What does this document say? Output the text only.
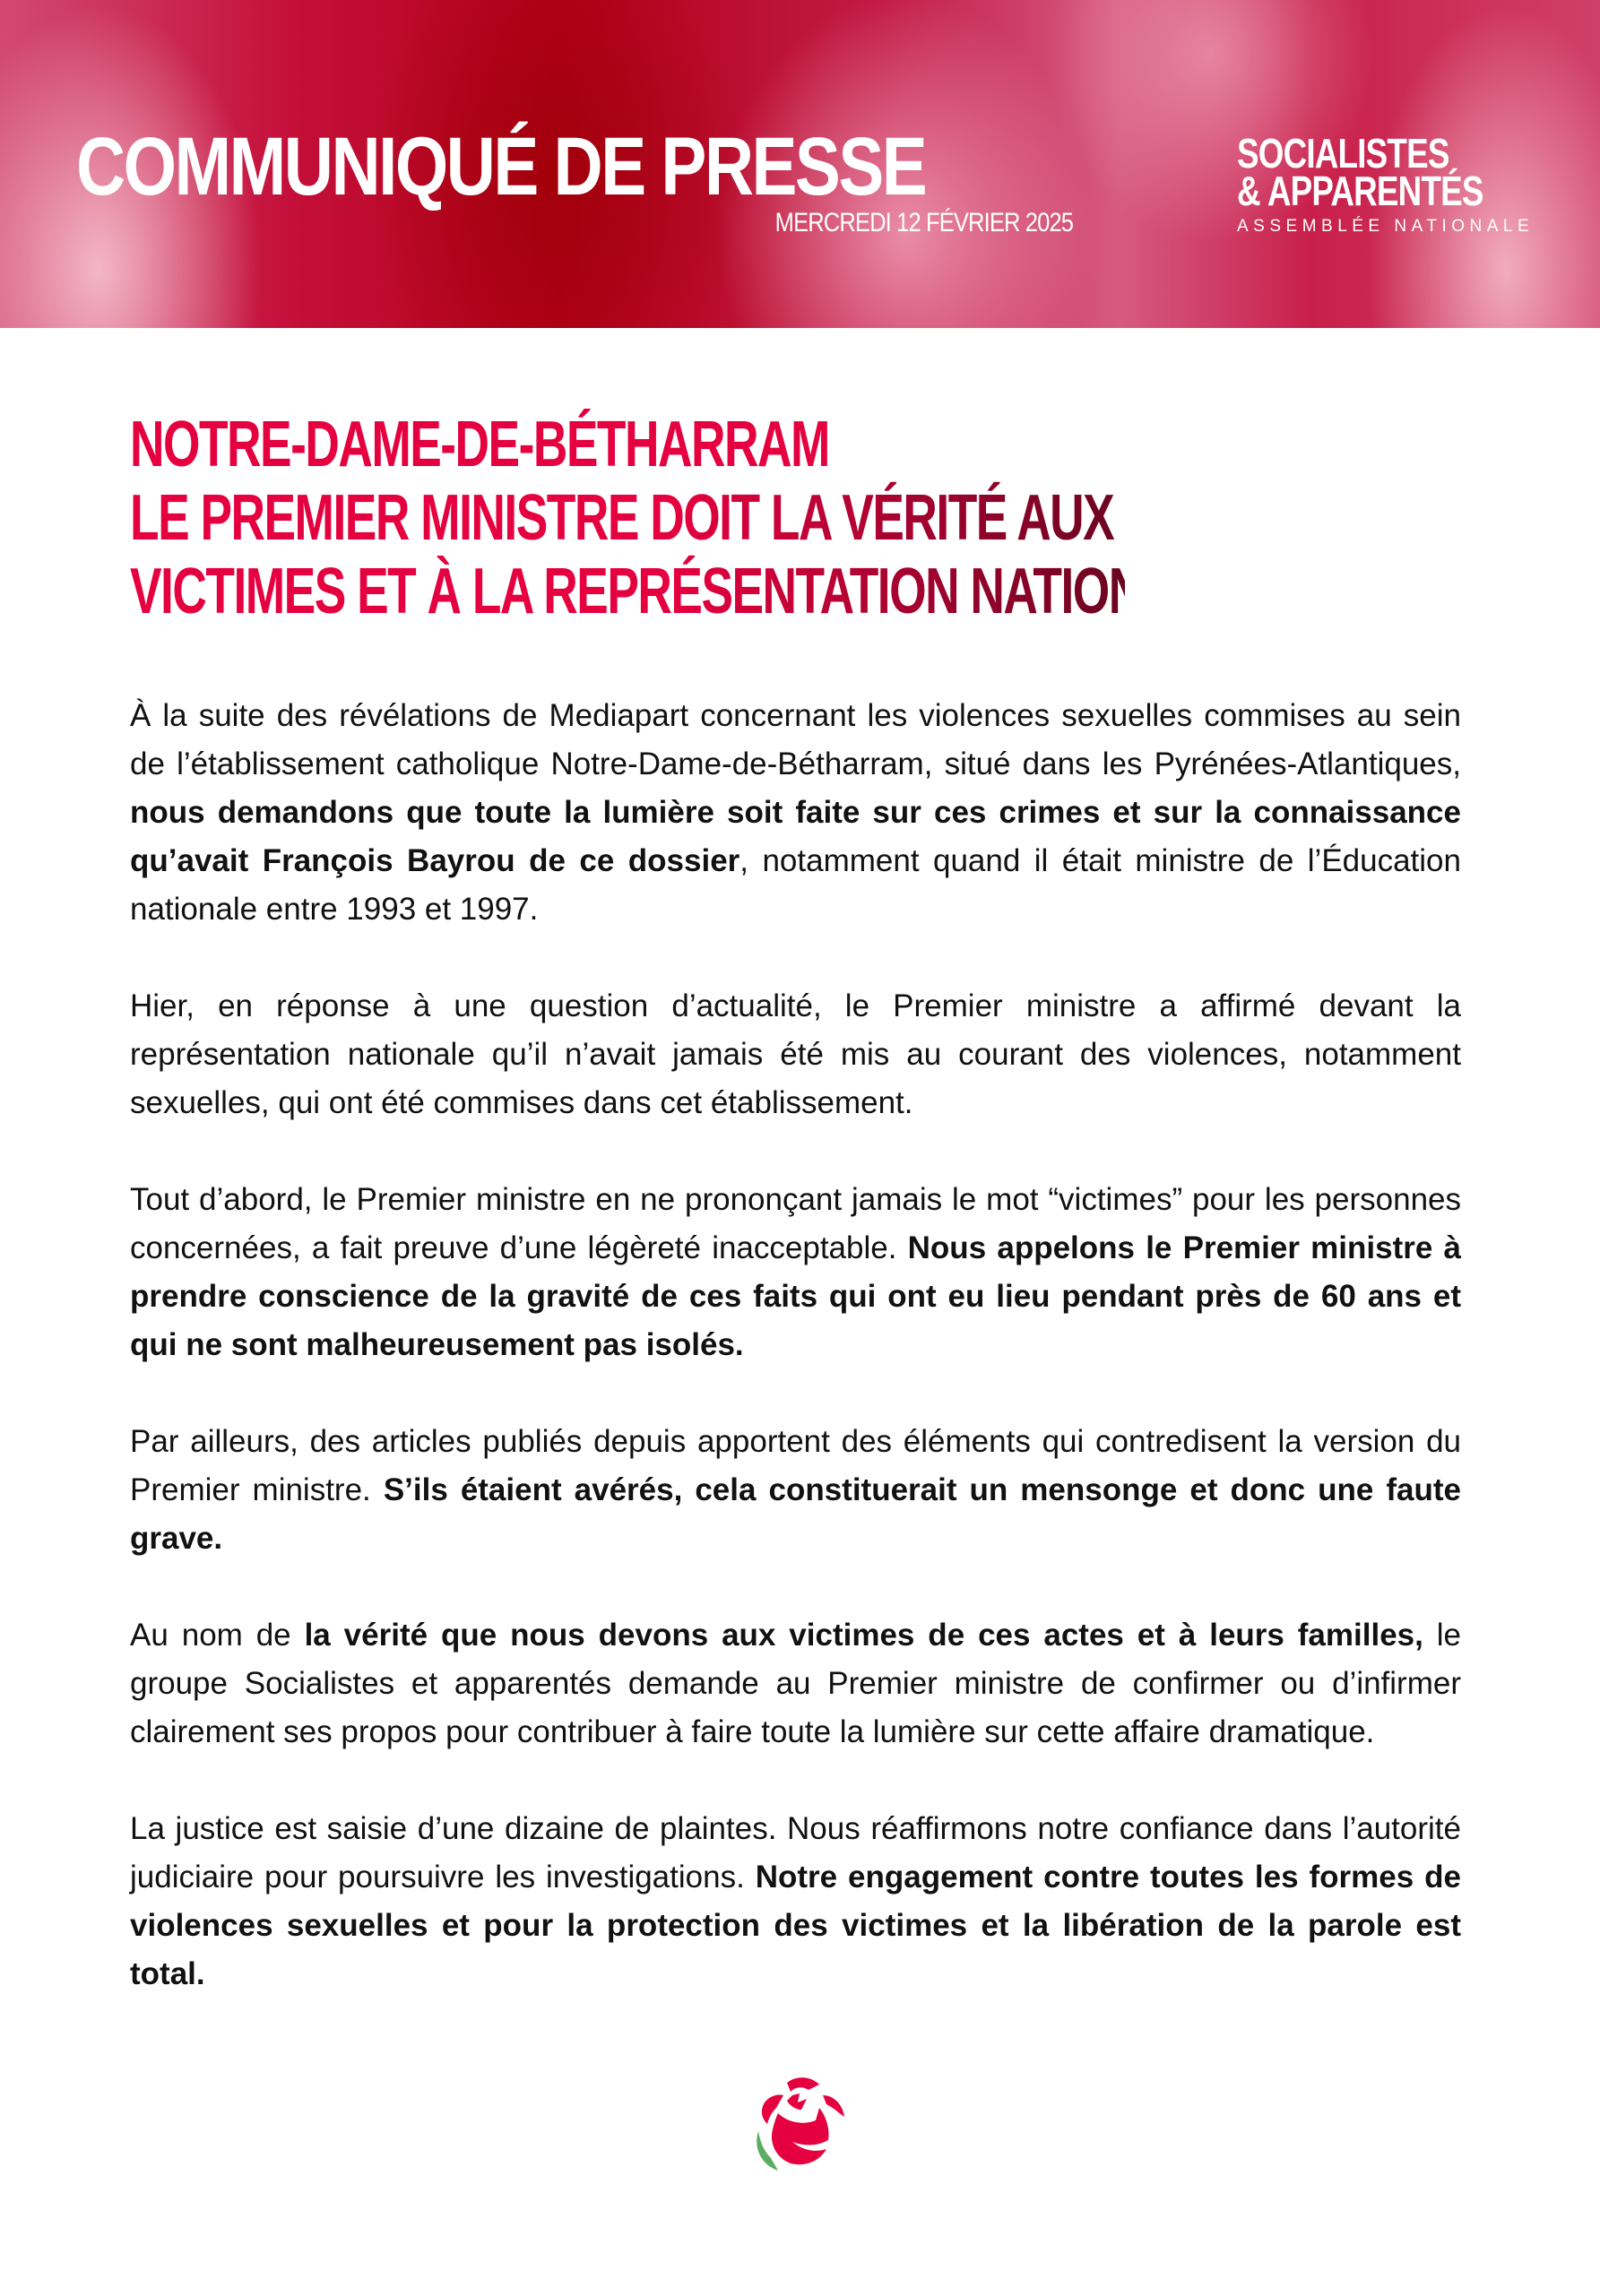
COMMUNIQUÉ DE PRESSE
MERCREDI 12 FÉVRIER 2025
SOCIALISTES
& APPARENTÉS
ASSEMBLÉE NATIONALE
NOTRE-DAME-DE-BÉTHARRAM
LE PREMIER MINISTRE DOIT LA VÉRITÉ AUX
VICTIMES ET À LA REPRÉSENTATION NATIONALE

À la suite des révélations de Mediapart concernant les violences sexuelles commises au sein de l’établissement catholique Notre-Dame-de-Bétharram, situé dans les Pyrénées-Atlantiques, nous demandons que toute la lumière soit faite sur ces crimes et sur la connaissance qu’avait François Bayrou de ce dossier, notamment quand il était ministre de l’Éducation nationale entre 1993 et 1997.

Hier, en réponse à une question d’actualité, le Premier ministre a affirmé devant la représentation nationale qu’il n’avait jamais été mis au courant des violences, notamment sexuelles, qui ont été commises dans cet établissement.

Tout d’abord, le Premier ministre en ne prononçant jamais le mot “victimes” pour les personnes concernées, a fait preuve d’une légèreté inacceptable. Nous appelons le Premier ministre à prendre conscience de la gravité de ces faits qui ont eu lieu pendant près de 60 ans et qui ne sont malheureusement pas isolés.

Par ailleurs, des articles publiés depuis apportent des éléments qui contredisent la version du Premier ministre. S’ils étaient avérés, cela constituerait un mensonge et donc une faute grave.

Au nom de la vérité que nous devons aux victimes de ces actes et à leurs familles, le groupe Socialistes et apparentés demande au Premier ministre de confirmer ou d’infirmer clairement ses propos pour contribuer à faire toute la lumière sur cette affaire dramatique.

La justice est saisie d’une dizaine de plaintes. Nous réaffirmons notre confiance dans l’autorité judiciaire pour poursuivre les investigations. Notre engagement contre toutes les formes de violences sexuelles et pour la protection des victimes et la libération de la parole est total.
